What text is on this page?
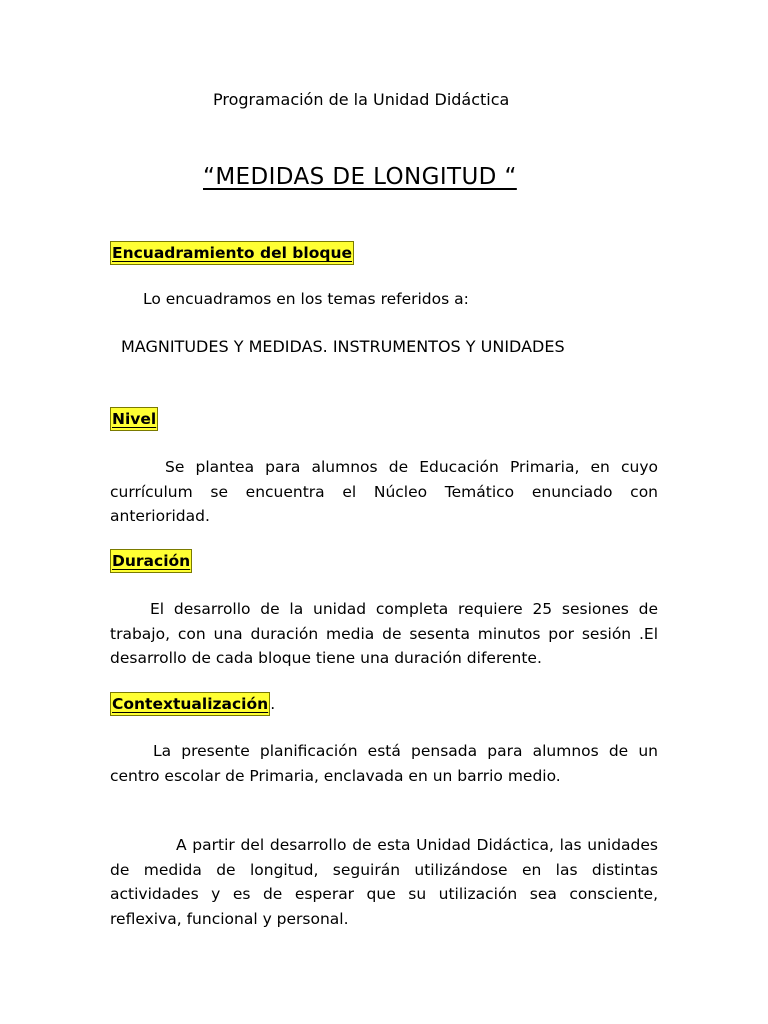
Programación de la Unidad Didáctica
“MEDIDAS DE LONGITUD “
Encuadramiento del bloque
Lo encuadramos en los temas referidos a:
MAGNITUDES Y MEDIDAS. INSTRUMENTOS Y UNIDADES
Nivel
Se plantea para alumnos de Educación Primaria, en cuyo currículum se encuentra el Núcleo Temático enunciado con anterioridad.
Duración
El desarrollo de la unidad completa requiere 25 sesiones de trabajo, con una duración media de sesenta minutos por sesión .El desarrollo de cada bloque tiene una duración diferente.
Contextualización .
La presente planificación está pensada para alumnos de un centro escolar de Primaria, enclavada en un barrio medio.
A partir del desarrollo de esta Unidad Didáctica, las unidades de medida de longitud, seguirán utilizándose en las distintas actividades y es de esperar que su utilización sea consciente, reflexiva, funcional y personal.
